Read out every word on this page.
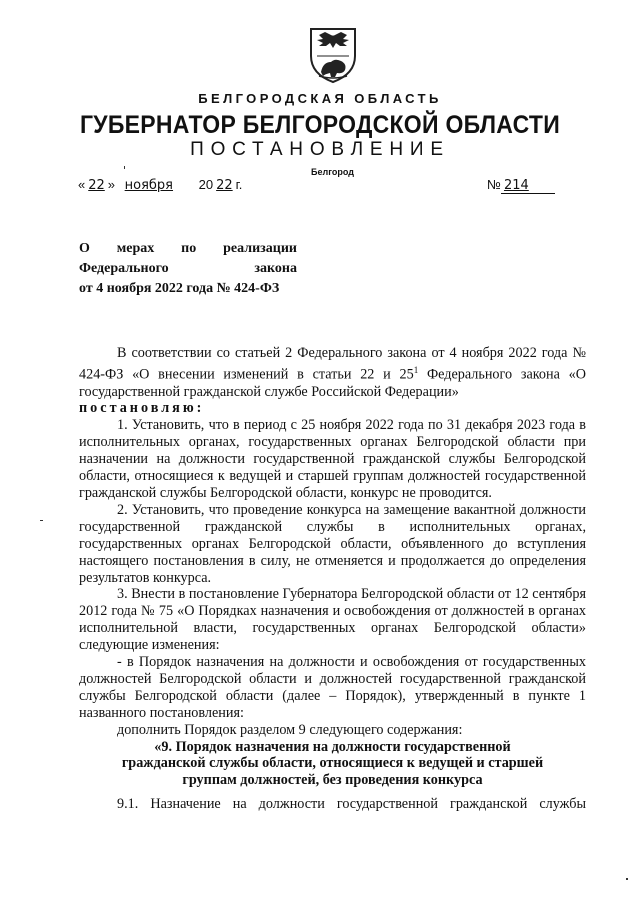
БЕЛГОРОДСКАЯ ОБЛАСТЬ
ГУБЕРНАТОР БЕЛГОРОДСКОЙ ОБЛАСТИ
ПОСТАНОВЛЕНИЕ
Белгород
« 22 » ноября 20 22 г.	№ 214
О мерах по реализации
Федерального	закона
от 4 ноября 2022 года № 424-ФЗ

В соответствии со статьей 2 Федерального закона от 4 ноября 2022 года № 424-ФЗ «О внесении изменений в статьи 22 и $25^1$ Федерального закона «О государственной гражданской службе Российской Федерации»

постановляю:

1. Установить, что в период с 25 ноября 2022 года по 31 декабря 2023 года в исполнительных органах, государственных органах Белгородской области при назначении на должности государственной гражданской службы Белгородской области, относящиеся к ведущей и старшей группам должностей государственной гражданской службы Белгородской области, конкурс не проводится.

2. Установить, что проведение конкурса на замещение вакантной должности государственной гражданской службы в исполнительных органах, государственных органах Белгородской области, объявленного до вступления настоящего постановления в силу, не отменяется и продолжается до определения результатов конкурса.

3. Внести в постановление Губернатора Белгородской области от 12 сентября 2012 года № 75 «О Порядках назначения и освобождения от должностей в органах исполнительной власти, государственных органах Белгородской области» следующие изменения:

- в Порядок назначения на должности и освобождения от государственных должностей Белгородской области и должностей государственной гражданской службы Белгородской области (далее – Порядок), утвержденный в пункте 1 названного постановления:

дополнить Порядок разделом 9 следующего содержания:

«9. Порядок назначения на должности государственной

гражданской службы области, относящиеся к ведущей и старшей

группам должностей, без проведения конкурса

9.1. Назначение на должности государственной гражданской службы
